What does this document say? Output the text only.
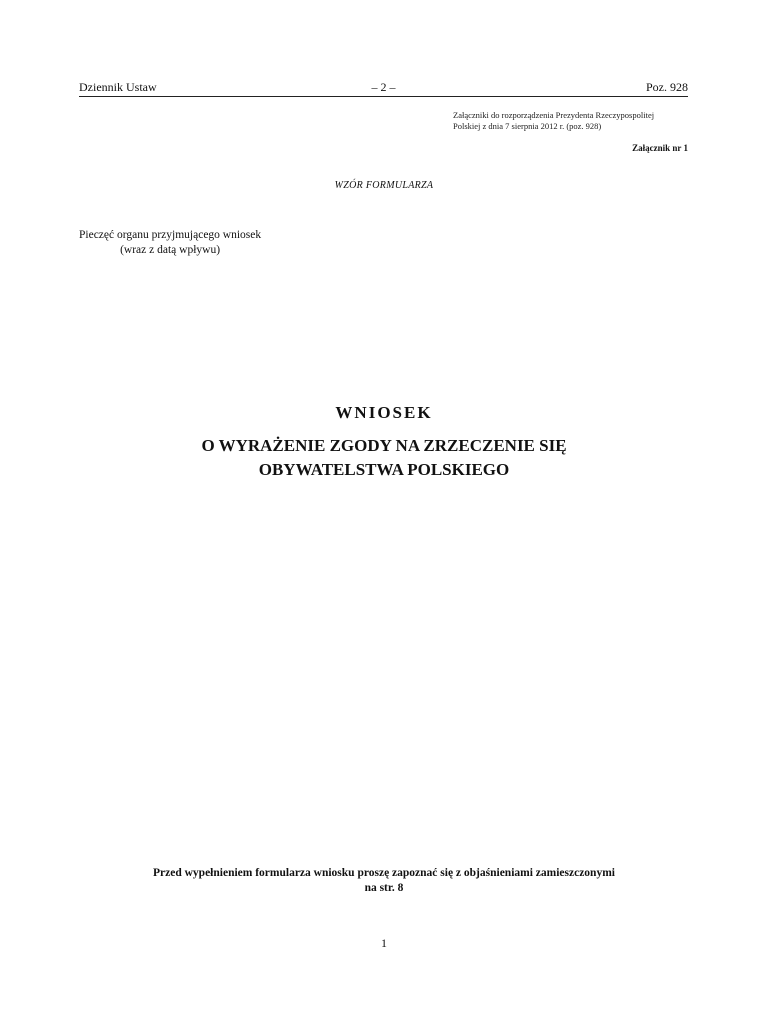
Dziennik Ustaw	– 2 –	Poz. 928
Załączniki do rozporządzenia Prezydenta Rzeczypospolitej
Polskiej z dnia 7 sierpnia 2012 r. (poz. 928)
Załącznik nr 1
WZÓR FORMULARZA
Pieczęć organu przyjmującego wniosek
(wraz z datą wpływu)
WNIOSEK
O WYRAŻENIE ZGODY NA ZRZECZENIE SIĘ
OBYWATELSTWA POLSKIEGO
Przed wypełnieniem formularza wniosku proszę zapoznać się z objaśnieniami zamieszczonymi
na str. 8
1
